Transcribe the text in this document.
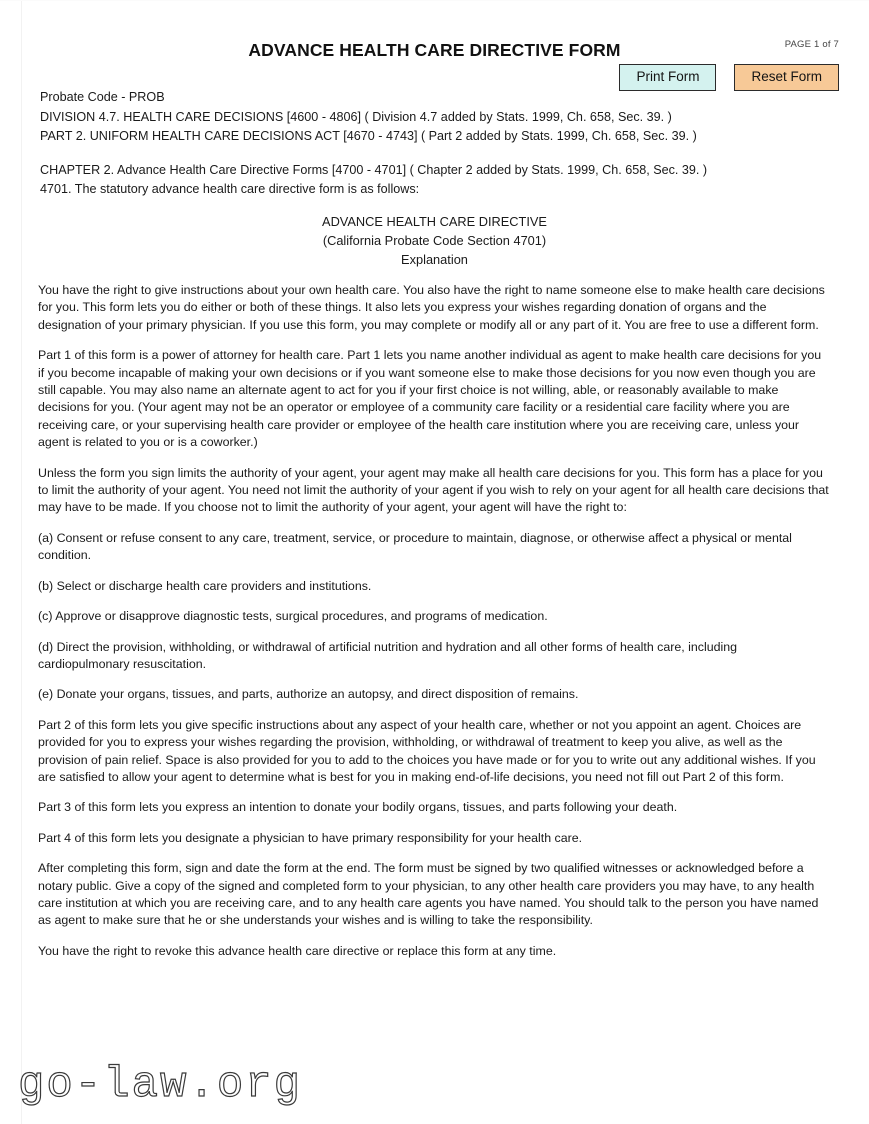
ADVANCE HEALTH CARE DIRECTIVE FORM	PAGE 1 of 7
Print Form	Reset Form
Probate Code - PROB
DIVISION 4.7. HEALTH CARE DECISIONS [4600 - 4806] ( Division 4.7 added by Stats. 1999, Ch. 658, Sec. 39. )
PART 2. UNIFORM HEALTH CARE DECISIONS ACT [4670 - 4743] ( Part 2 added by Stats. 1999, Ch. 658, Sec. 39. )
CHAPTER 2. Advance Health Care Directive Forms [4700 - 4701] ( Chapter 2 added by Stats. 1999, Ch. 658, Sec. 39. )
4701. The statutory advance health care directive form is as follows:
ADVANCE HEALTH CARE DIRECTIVE
(California Probate Code Section 4701)
Explanation

You have the right to give instructions about your own health care. You also have the right to name someone else to make health care decisions for you. This form lets you do either or both of these things. It also lets you express your wishes regarding donation of organs and the designation of your primary physician. If you use this form, you may complete or modify all or any part of it. You are free to use a different form.

Part 1 of this form is a power of attorney for health care. Part 1 lets you name another individual as agent to make health care decisions for you if you become incapable of making your own decisions or if you want someone else to make those decisions for you now even though you are still capable. You may also name an alternate agent to act for you if your first choice is not willing, able, or reasonably available to make decisions for you. (Your agent may not be an operator or employee of a community care facility or a residential care facility where you are receiving care, or your supervising health care provider or employee of the health care institution where you are receiving care, unless your agent is related to you or is a coworker.)

Unless the form you sign limits the authority of your agent, your agent may make all health care decisions for you. This form has a place for you to limit the authority of your agent. You need not limit the authority of your agent if you wish to rely on your agent for all health care decisions that may have to be made. If you choose not to limit the authority of your agent, your agent will have the right to:

(a) Consent or refuse consent to any care, treatment, service, or procedure to maintain, diagnose, or otherwise affect a physical or mental condition.

(b) Select or discharge health care providers and institutions.

(c) Approve or disapprove diagnostic tests, surgical procedures, and programs of medication.

(d) Direct the provision, withholding, or withdrawal of artificial nutrition and hydration and all other forms of health care, including cardiopulmonary resuscitation.

(e) Donate your organs, tissues, and parts, authorize an autopsy, and direct disposition of remains.

Part 2 of this form lets you give specific instructions about any aspect of your health care, whether or not you appoint an agent. Choices are provided for you to express your wishes regarding the provision, withholding, or withdrawal of treatment to keep you alive, as well as the provision of pain relief. Space is also provided for you to add to the choices you have made or for you to write out any additional wishes. If you are satisfied to allow your agent to determine what is best for you in making end-of-life decisions, you need not fill out Part 2 of this form.

Part 3 of this form lets you express an intention to donate your bodily organs, tissues, and parts following your death.

Part 4 of this form lets you designate a physician to have primary responsibility for your health care.

After completing this form, sign and date the form at the end. The form must be signed by two qualified witnesses or acknowledged before a notary public. Give a copy of the signed and completed form to your physician, to any other health care providers you may have, to any health care institution at which you are receiving care, and to any health care agents you have named. You should talk to the person you have named as agent to make sure that he or she understands your wishes and is willing to take the responsibility.

You have the right to revoke this advance health care directive or replace this form at any time.

go-law.org
